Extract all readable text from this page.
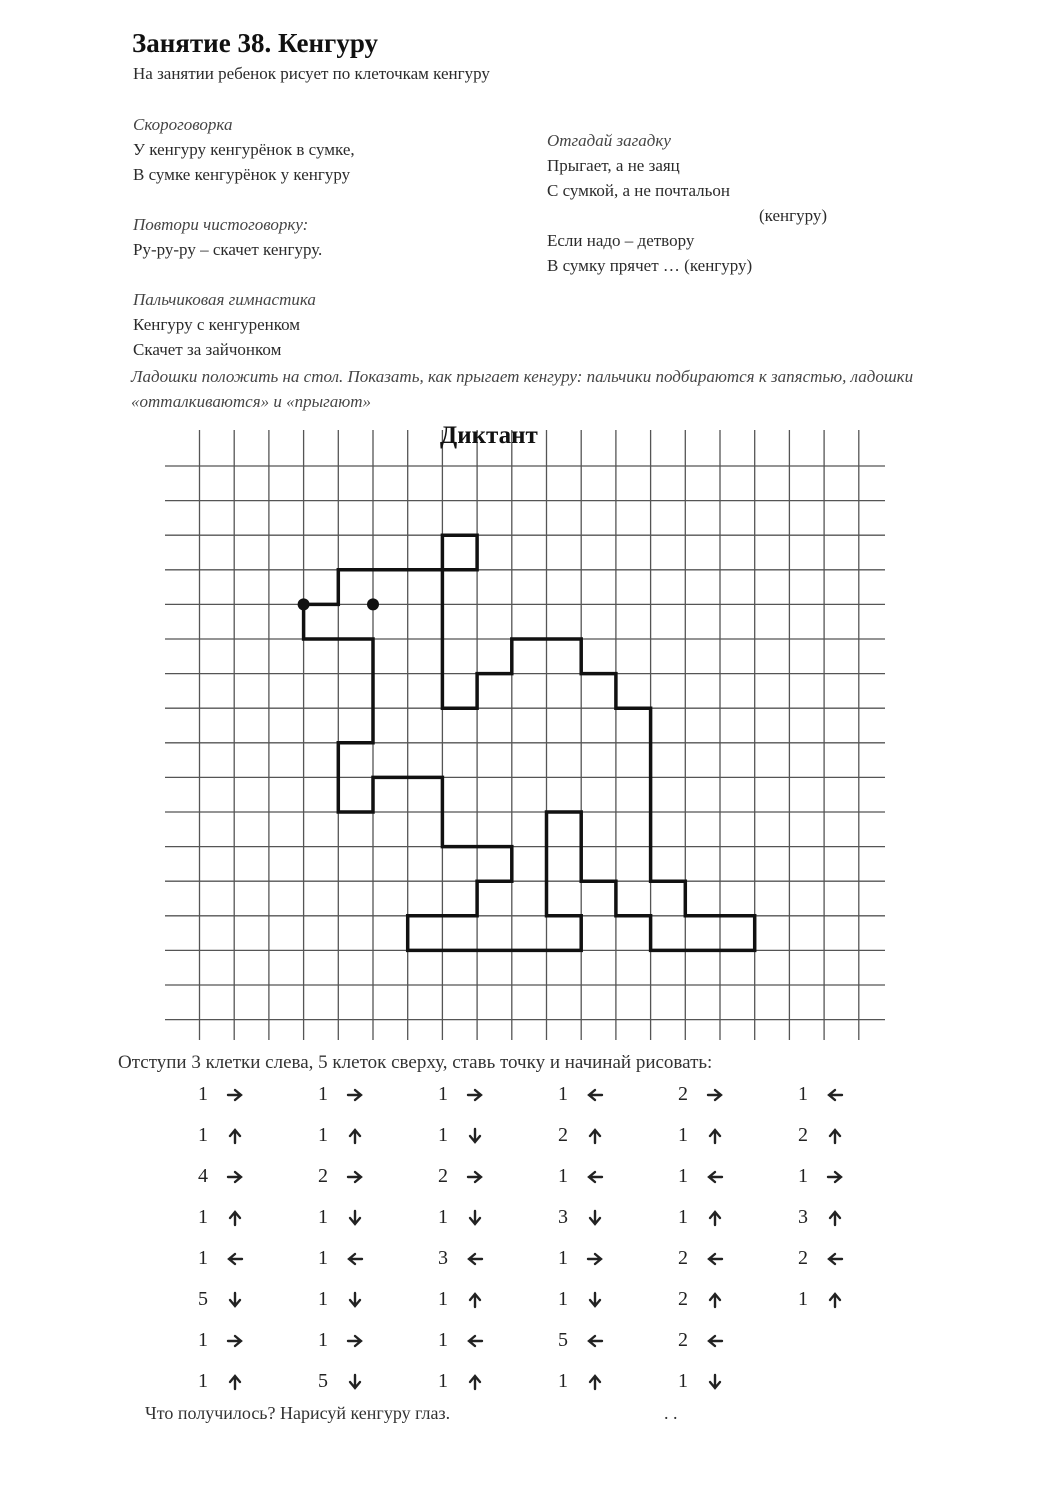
Занятие 38. Кенгуру
На занятии ребенок рисует по клеточкам кенгуру
Скороговорка
У кенгуру кенгурёнок в сумке,
В сумке кенгурёнок у кенгуру
Повтори чистоговорку:
Ру-ру-ру – скачет кенгуру.
Пальчиковая гимнастика
Кенгуру с кенгуренком
Скачет за зайчонком
Ладошки положить на стол. Показать, как прыгает кенгуру: пальчики подбираются к запястью, ладошки «отталкиваются» и «прыгают»
Отгадай загадку
Прыгает, а не заяц
С сумкой, а не почтальон
(кенгуру)
Если надо – детвору
В сумку прячет … (кенгуру)
Диктант
Отступи 3 клетки слева, 5 клеток сверху, ставь точку и начинай рисовать:
1
1
4
1
1
5
1
1
1
1
2
1
1
1
1
5
1
1
2
1
3
1
1
1
1
2
1
3
1
1
5
1
2
1
1
1
2
2
2
1
1
2
1
3
2
1
Что получилось? Нарисуй кенгуру глаз.	. .
